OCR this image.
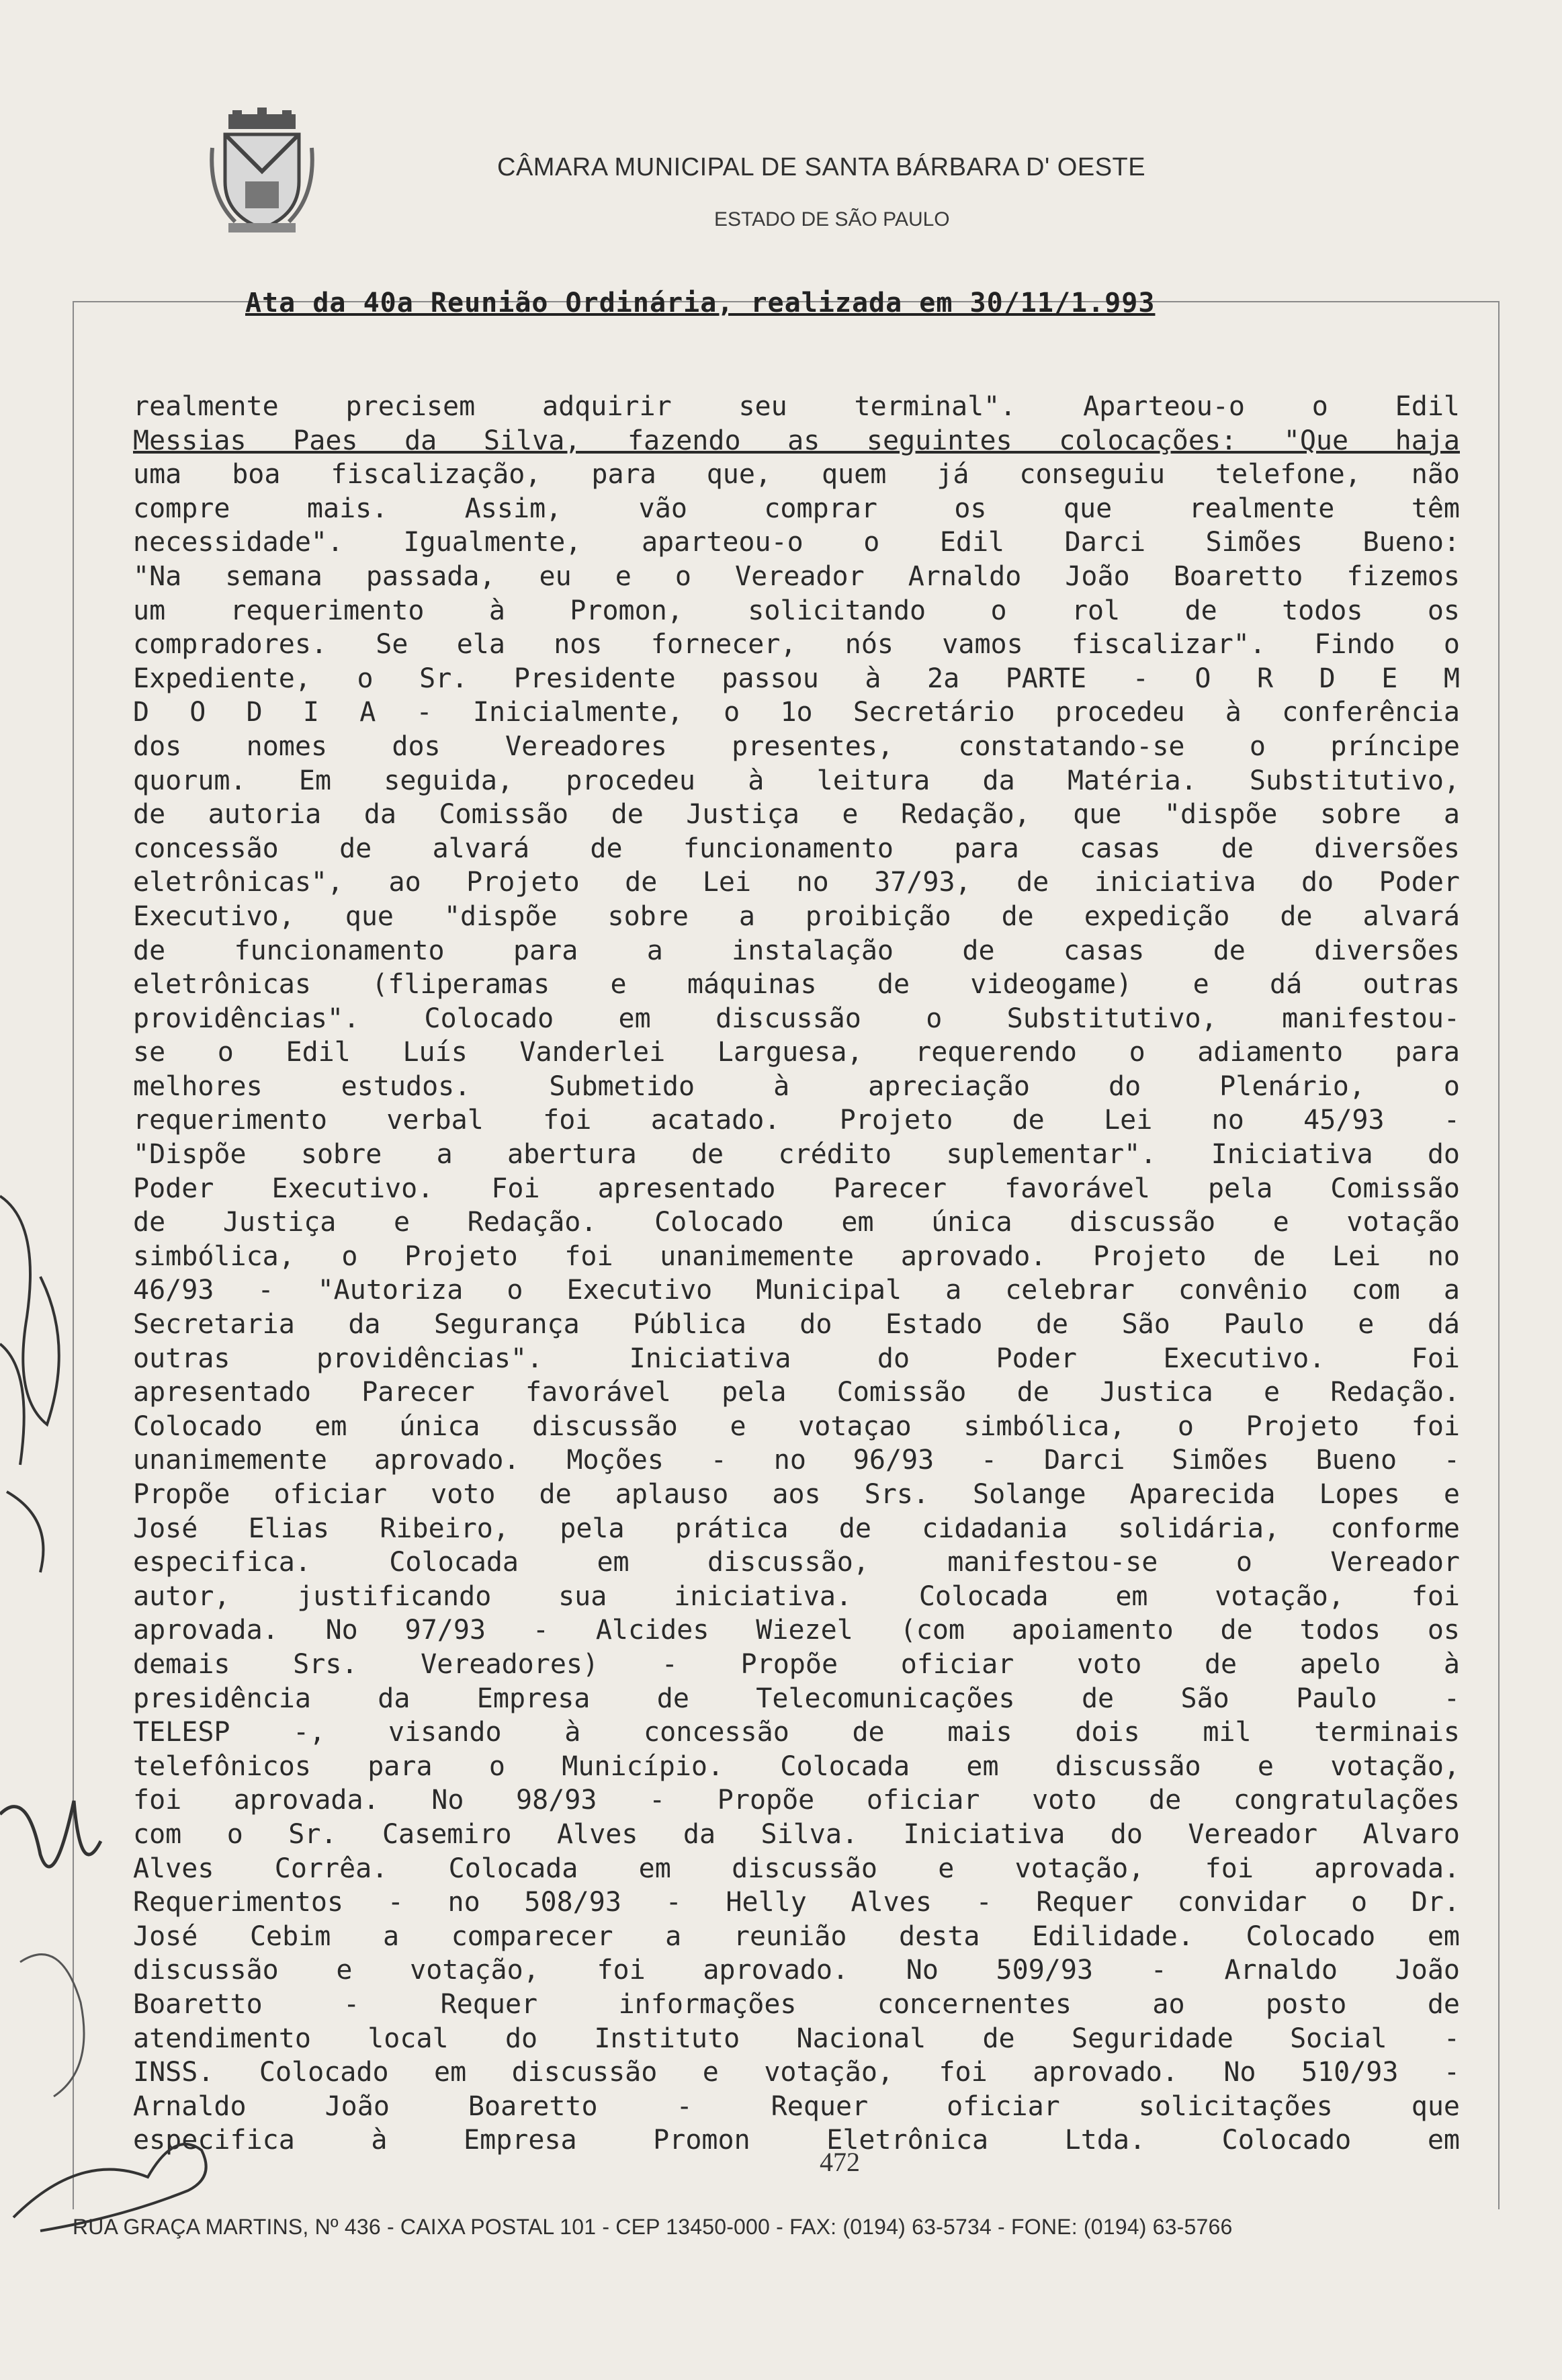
CÂMARA MUNICIPAL DE SANTA BÁRBARA D' OESTE
ESTADO DE SÃO PAULO
Ata da 40a Reunião Ordinária, realizada em 30/11/1.993
realmente precisem adquirir seu terminal". Aparteou-o o Edil
Messias Paes da Silva, fazendo as seguintes colocações: "Que haja
uma boa fiscalização, para que, quem já conseguiu telefone, não
compre mais. Assim, vão comprar os que realmente têm
necessidade". Igualmente, aparteou-o o Edil Darci Simões Bueno:
"Na semana passada, eu e o Vereador Arnaldo João Boaretto fizemos
um requerimento à Promon, solicitando o rol de todos os
compradores. Se ela nos fornecer, nós vamos fiscalizar". Findo o
Expediente, o Sr. Presidente passou à 2a PARTE - O R D E M
D O D I A - Inicialmente, o 1o Secretário procedeu à conferência
dos nomes dos Vereadores presentes, constatando-se o príncipe
quorum. Em seguida, procedeu à leitura da Matéria. Substitutivo,
de autoria da Comissão de Justiça e Redação, que "dispõe sobre a
concessão de alvará de funcionamento para casas de diversões
eletrônicas", ao Projeto de Lei no 37/93, de iniciativa do Poder
Executivo, que "dispõe sobre a proibição de expedição de alvará
de funcionamento para a instalação de casas de diversões
eletrônicas (fliperamas e máquinas de videogame) e dá outras
providências". Colocado em discussão o Substitutivo, manifestou-
se o Edil Luís Vanderlei Larguesa, requerendo o adiamento para
melhores estudos. Submetido à apreciação do Plenário, o
requerimento verbal foi acatado. Projeto de Lei no 45/93 -
"Dispõe sobre a abertura de crédito suplementar". Iniciativa do
Poder Executivo. Foi apresentado Parecer favorável pela Comissão
de Justiça e Redação. Colocado em única discussão e votação
simbólica, o Projeto foi unanimemente aprovado. Projeto de Lei no
46/93 - "Autoriza o Executivo Municipal a celebrar convênio com a
Secretaria da Segurança Pública do Estado de São Paulo e dá
outras providências". Iniciativa do Poder Executivo. Foi
apresentado Parecer favorável pela Comissão de Justica e Redação.
Colocado em única discussão e votaçao simbólica, o Projeto foi
unanimemente aprovado. Moções - no 96/93 - Darci Simões Bueno -
Propõe oficiar voto de aplauso aos Srs. Solange Aparecida Lopes e
José Elias Ribeiro, pela prática de cidadania solidária, conforme
especifica. Colocada em discussão, manifestou-se o Vereador
autor, justificando sua iniciativa. Colocada em votação, foi
aprovada. No 97/93 - Alcides Wiezel (com apoiamento de todos os
demais Srs. Vereadores) - Propõe oficiar voto de apelo à
presidência da Empresa de Telecomunicações de São Paulo -
TELESP -, visando à concessão de mais dois mil terminais
telefônicos para o Município. Colocada em discussão e votação,
foi aprovada. No 98/93 - Propõe oficiar voto de congratulações
com o Sr. Casemiro Alves da Silva. Iniciativa do Vereador Alvaro
Alves Corrêa. Colocada em discussão e votação, foi aprovada.
Requerimentos - no 508/93 - Helly Alves - Requer convidar o Dr.
José Cebim a comparecer a reunião desta Edilidade. Colocado em
discussão e votação, foi aprovado. No 509/93 - Arnaldo João
Boaretto - Requer informações concernentes ao posto de
atendimento local do Instituto Nacional de Seguridade Social -
INSS. Colocado em discussão e votação, foi aprovado. No 510/93 -
Arnaldo João Boaretto - Requer oficiar solicitações que
especifica à Empresa Promon Eletrônica Ltda. Colocado em
472
RUA GRAÇA MARTINS, Nº 436 - CAIXA POSTAL 101 - CEP 13450-000 - FAX: (0194) 63-5734 - FONE: (0194) 63-5766
